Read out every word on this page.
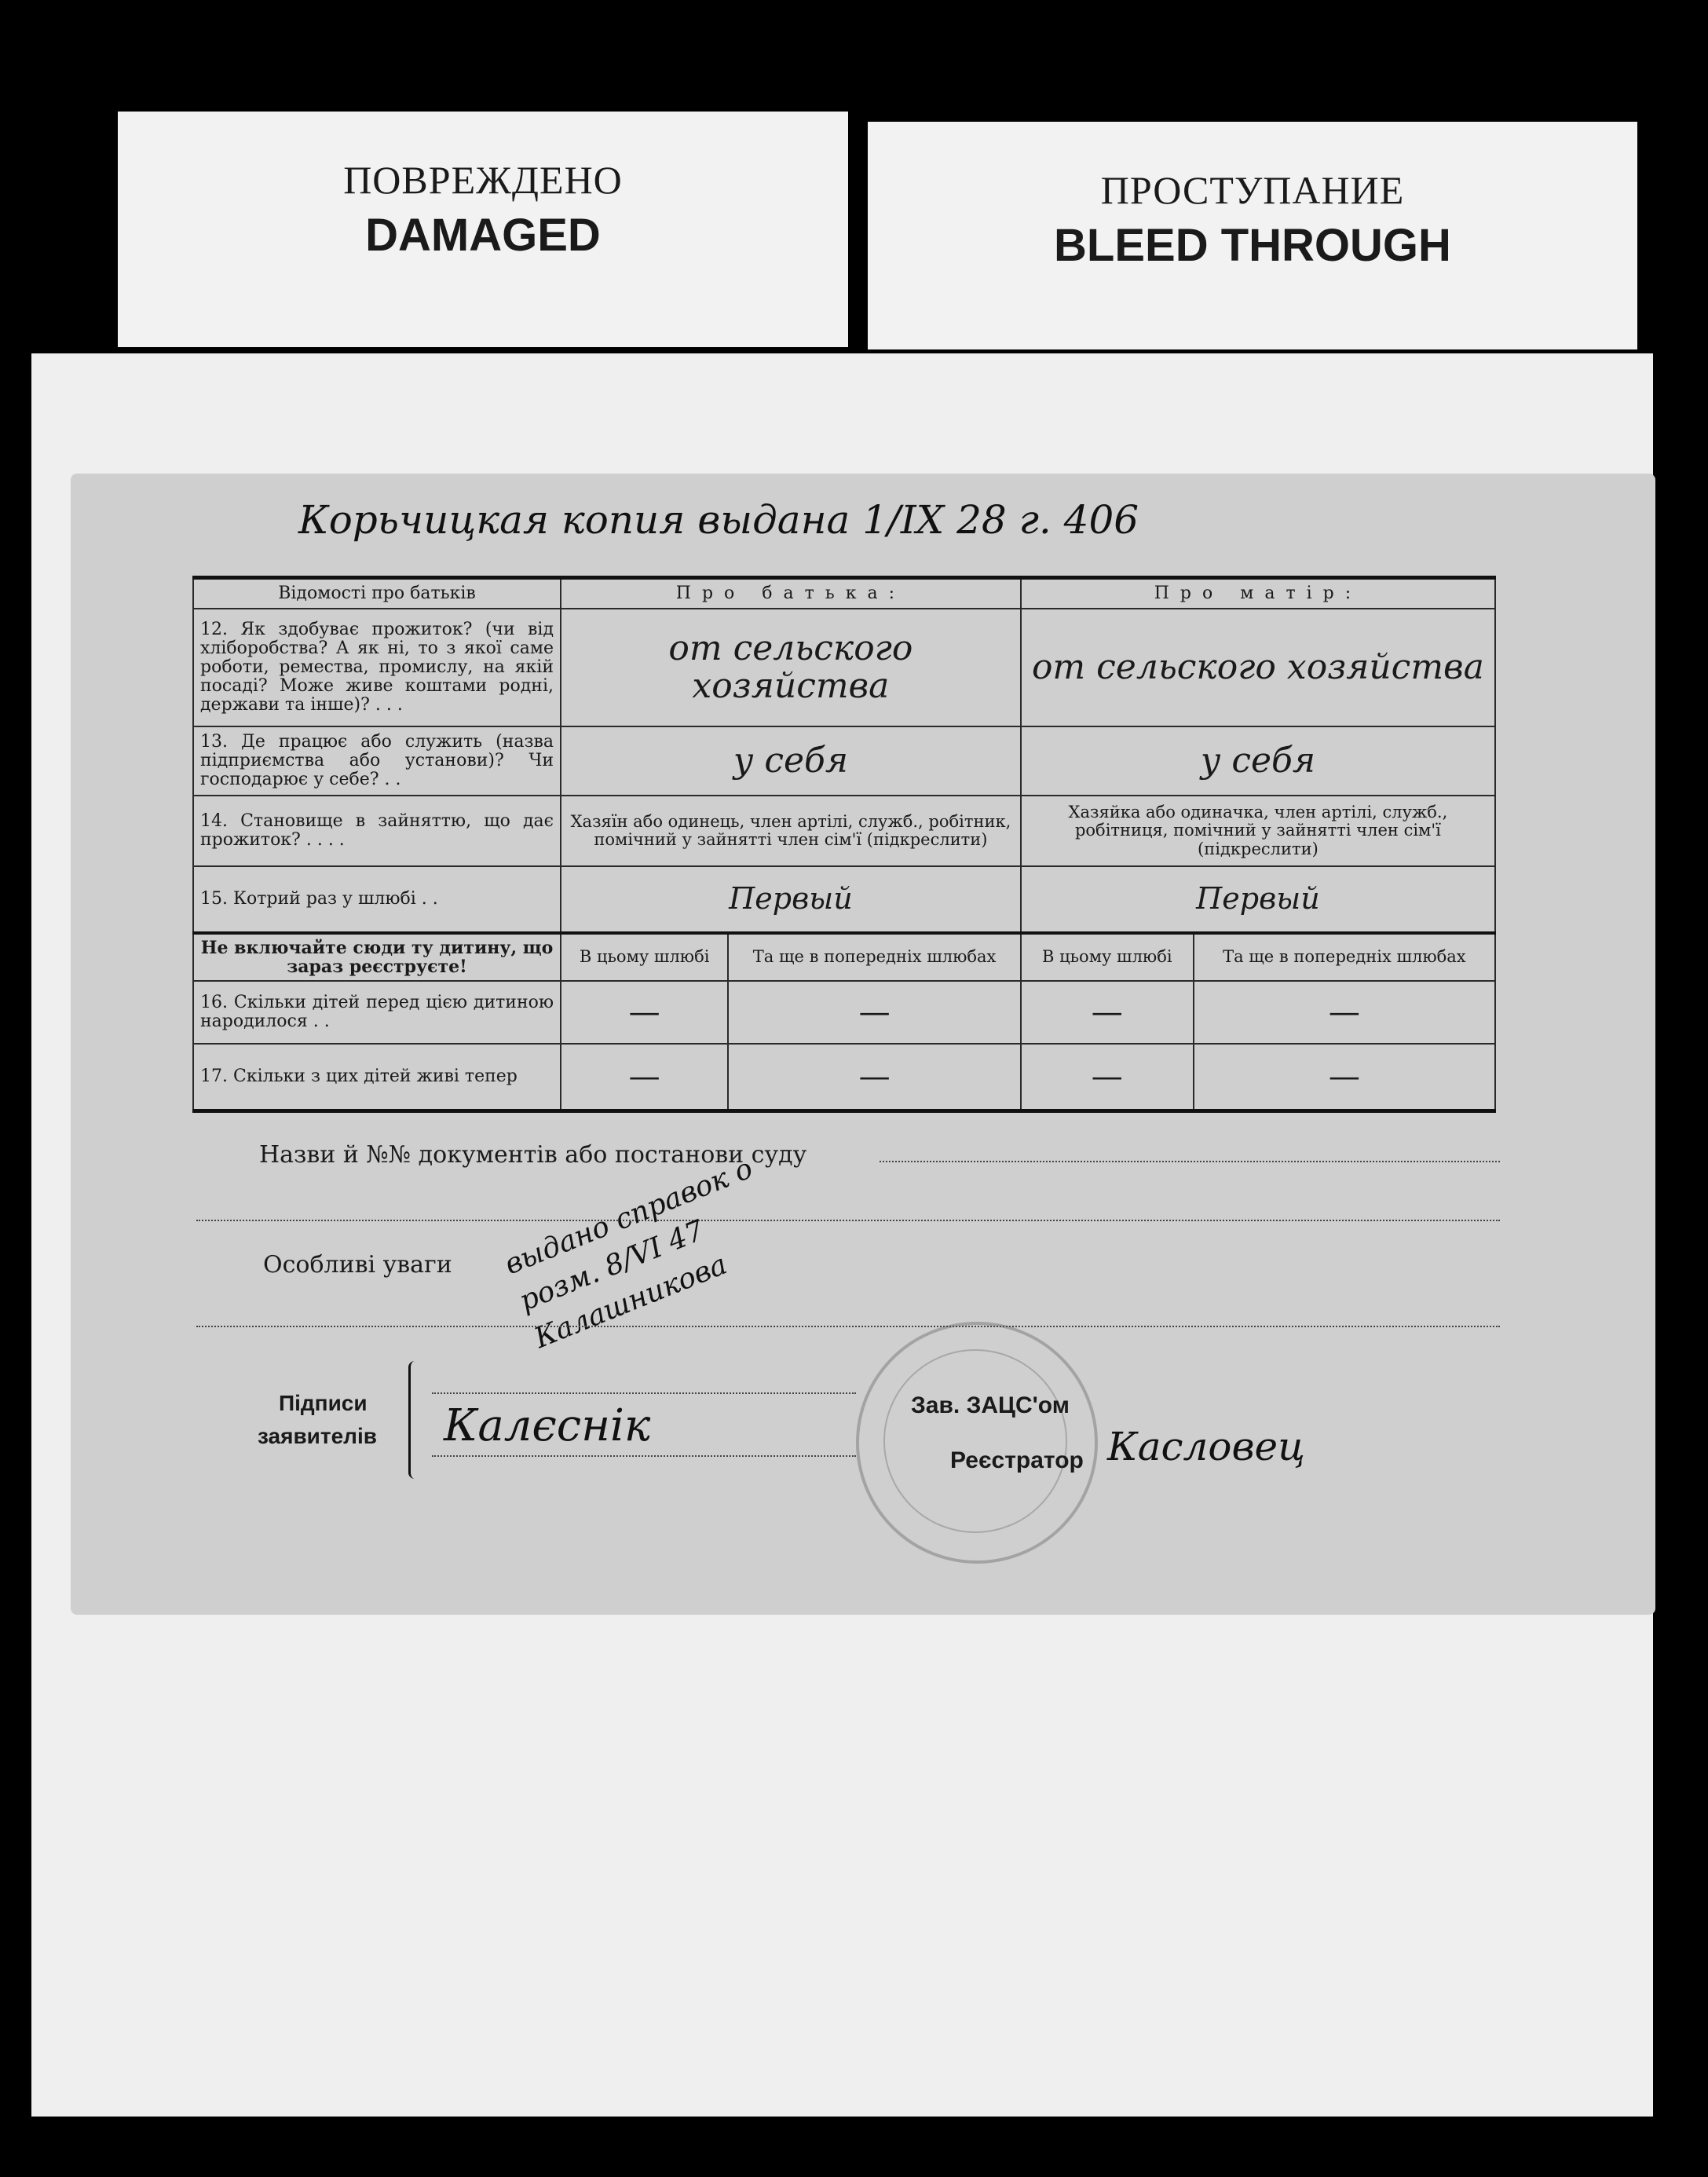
ПОВРЕЖДЕНО
DAMAGED
ПРОСТУПАНИЕ
BLEED THROUGH
Корьчицкая копия выдана 1/IX 28 г. 406
Відомості про батьків	Про батька:		Про матір:	
12. Як здобуває прожиток? (чи від хліборобства? А як ні, то з якої саме роботи, ремества, промислу, на якій посаді? Може живе коштами родні, держави та інше)? . . .	от сельского хозяйства		от сельского хозяйства	
13. Де працює або служить (назва підприємства або установи)? Чи господарює у себе? . .	у себя		у себя	
14. Становище в зайняттю, що дає прожиток? . . . .	Хазяїн або одинець, член артілі, служб., робітник, помічний у зайнятті член сім'ї (підкреслити)		Хазяйка або одиначка, член артілі, служб., робітниця, помічний у зайнятті член сім'ї (підкреслити)	
15. Котрий раз у шлюбі . .	Первый		Первый	
Не включайте сюди ту дитину, що зараз реєструєте!	В цьому шлюбі	Та ще в попередніх шлюбах	В цьому шлюбі	Та ще в попередніх шлюбах
16. Скільки дітей перед цією дитиною народилося . .	—	—	—	—
17. Скільки з цих дітей живі тепер	—	—	—	—
Назви й №№ документів або постанови суду
Особливі уваги выдано справок о розм. 8/VI 47 Калашникова
Підписи
заявителів Калєснік	Зав. ЗАЦС'ом
Реєстратор Касловец
